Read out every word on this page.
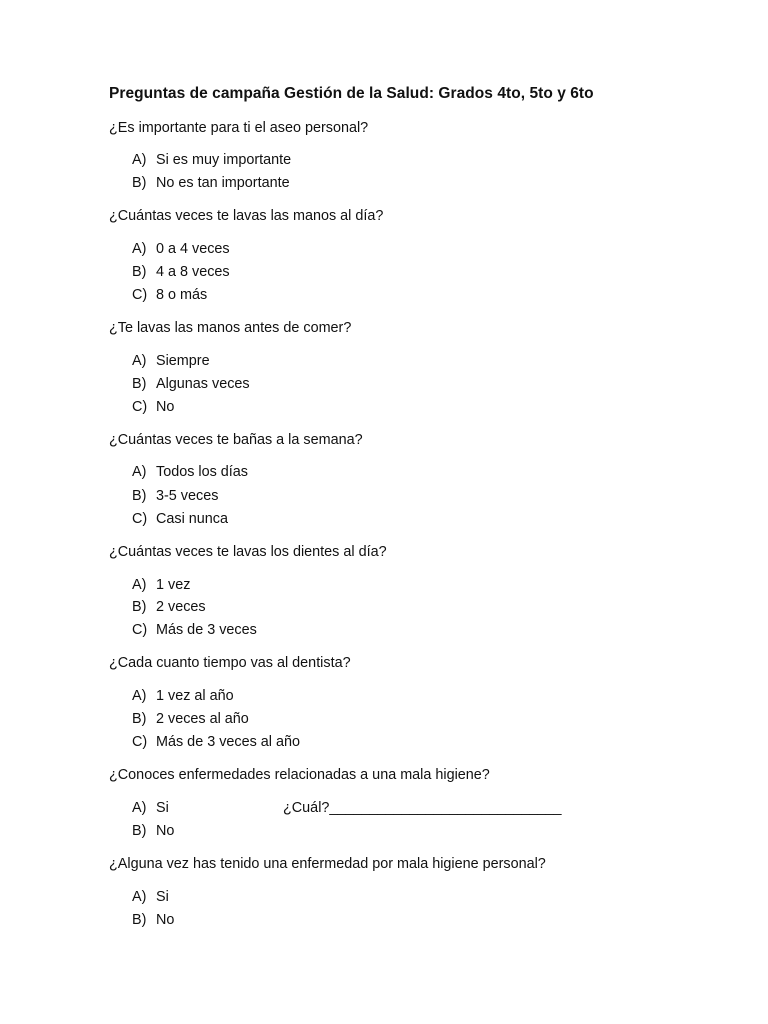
Preguntas de campaña Gestión de la Salud: Grados 4to, 5to y 6to
¿Es importante para ti el aseo personal?
A) Si es muy importante
B) No es tan importante
¿Cuántas veces te lavas las manos al día?
A) 0 a 4 veces
B) 4 a 8 veces
C) 8 o más
¿Te lavas las manos antes de comer?
A) Siempre
B) Algunas veces
C) No
¿Cuántas veces te bañas a la semana?
A) Todos los días
B) 3-5 veces
C) Casi nunca
¿Cuántas veces te lavas los dientes al día?
A) 1 vez
B) 2 veces
C) Más de 3 veces
¿Cada cuanto tiempo vas al dentista?
A) 1 vez al año
B) 2 veces al año
C) Más de 3 veces al año
¿Conoces enfermedades relacionadas a una mala higiene?
A) Si	¿Cuál?_____________________________
B) No
¿Alguna vez has tenido una enfermedad por mala higiene personal?
A) Si
B) No
